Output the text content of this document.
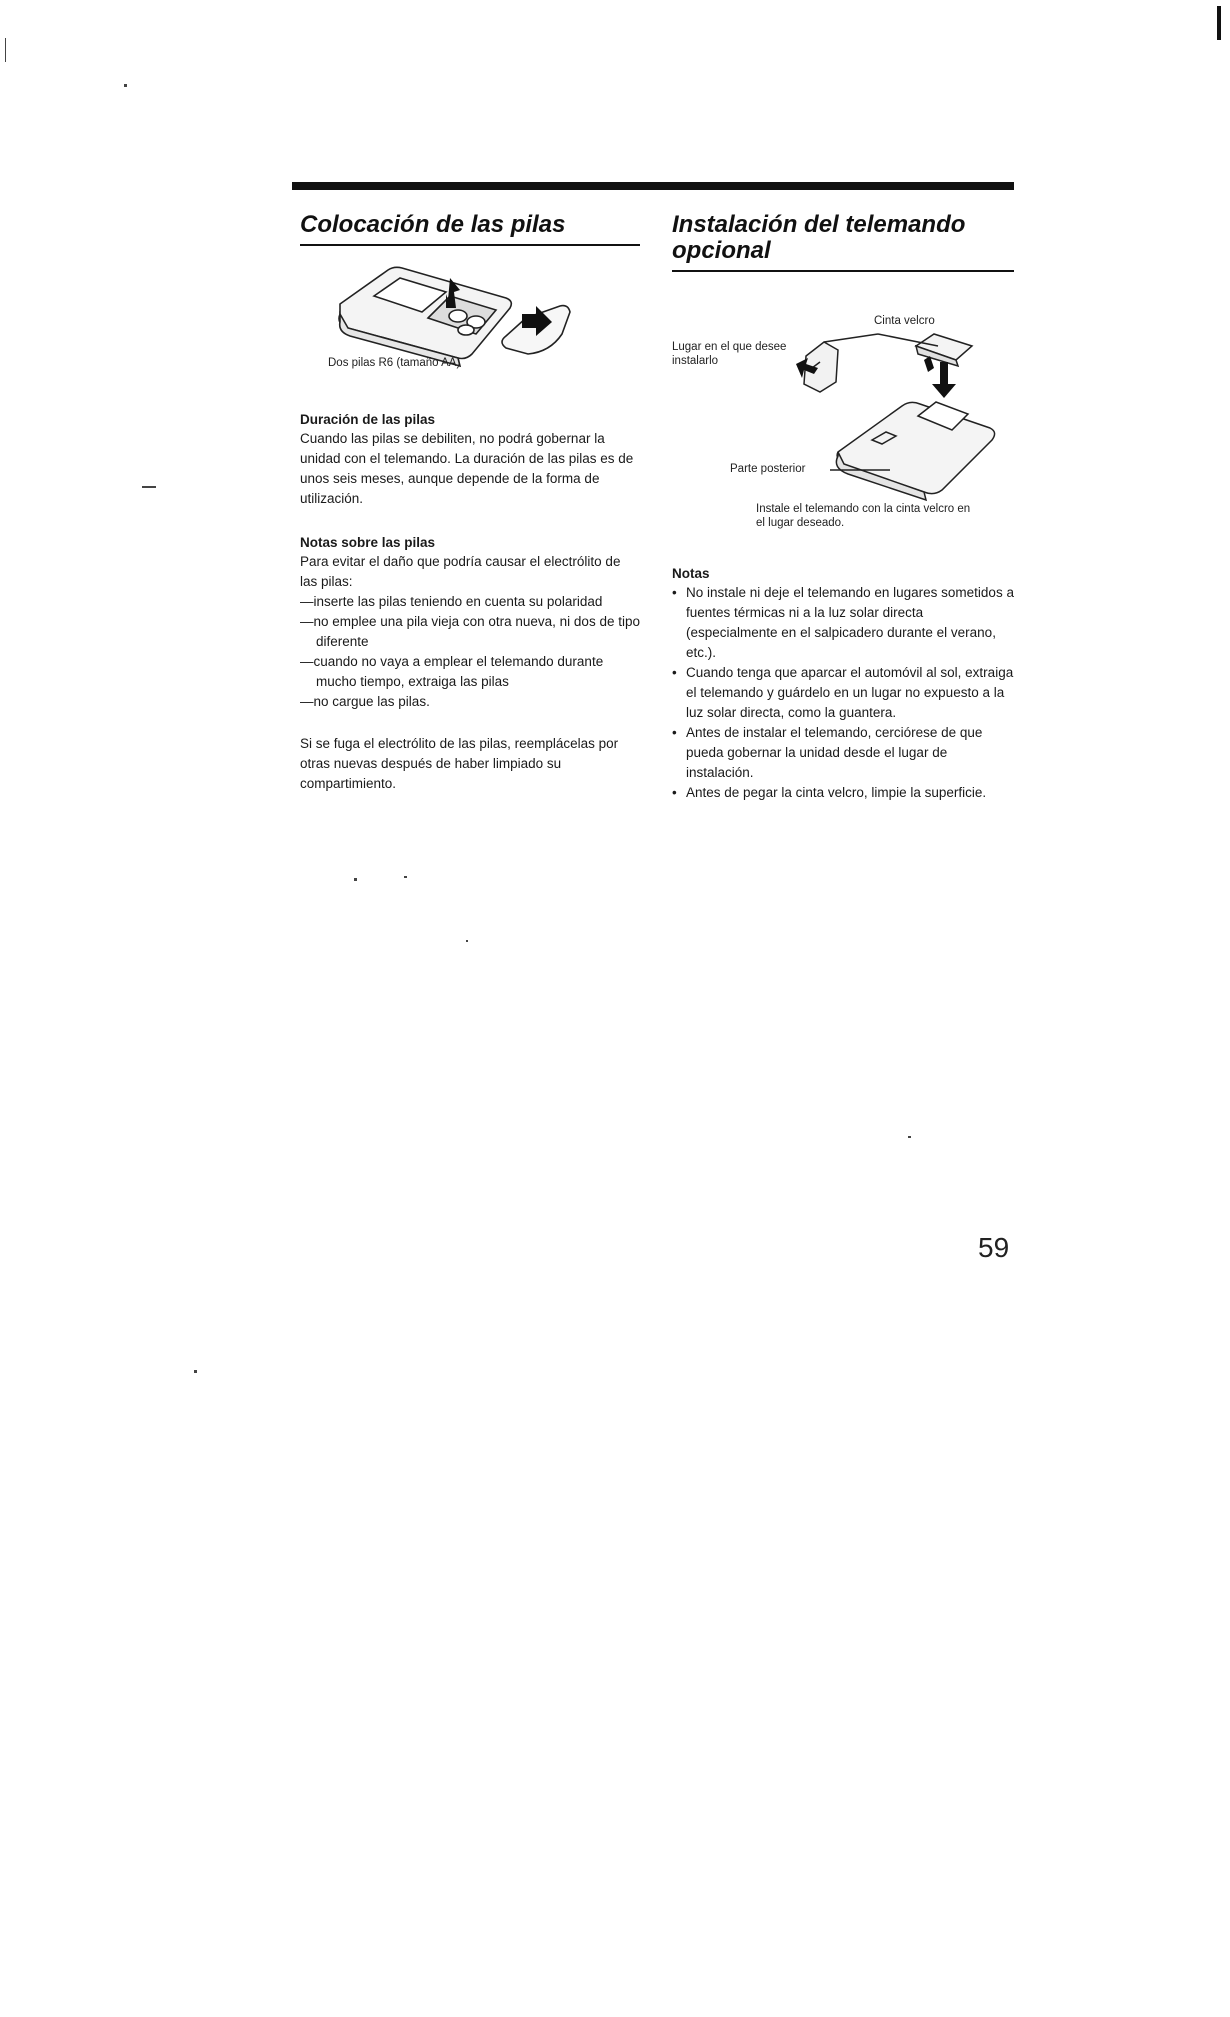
Colocación de las pilas
Dos pilas R6 (tamaño AA)

Duración de las pilas

Cuando las pilas se debiliten, no podrá gobernar la unidad con el telemando. La duración de las pilas es de unos seis meses, aunque depende de la forma de utilización.

Notas sobre las pilas

Para evitar el daño que podría causar el electrólito de las pilas:

—inserte las pilas teniendo en cuenta su polaridad
—no emplee una pila vieja con otra nueva, ni dos de tipo diferente
—cuando no vaya a emplear el telemando durante mucho tiempo, extraiga las pilas
—no cargue las pilas.

Si se fuga el electrólito de las pilas, reemplácelas por otras nuevas después de haber limpiado su compartimiento.

Instalación del telemando opcional
Cinta velcro
Lugar en el que desee instalarlo
Parte posterior
Instale el telemando con la cinta velcro en el lugar deseado.

Notas

• No instale ni deje el telemando en lugares sometidos a fuentes térmicas ni a la luz solar directa (especialmente en el salpicadero durante el verano, etc.).
• Cuando tenga que aparcar el automóvil al sol, extraiga el telemando y guárdelo en un lugar no expuesto a la luz solar directa, como la guantera.
• Antes de instalar el telemando, cerciórese de que pueda gobernar la unidad desde el lugar de instalación.
• Antes de pegar la cinta velcro, limpie la superficie.
59
